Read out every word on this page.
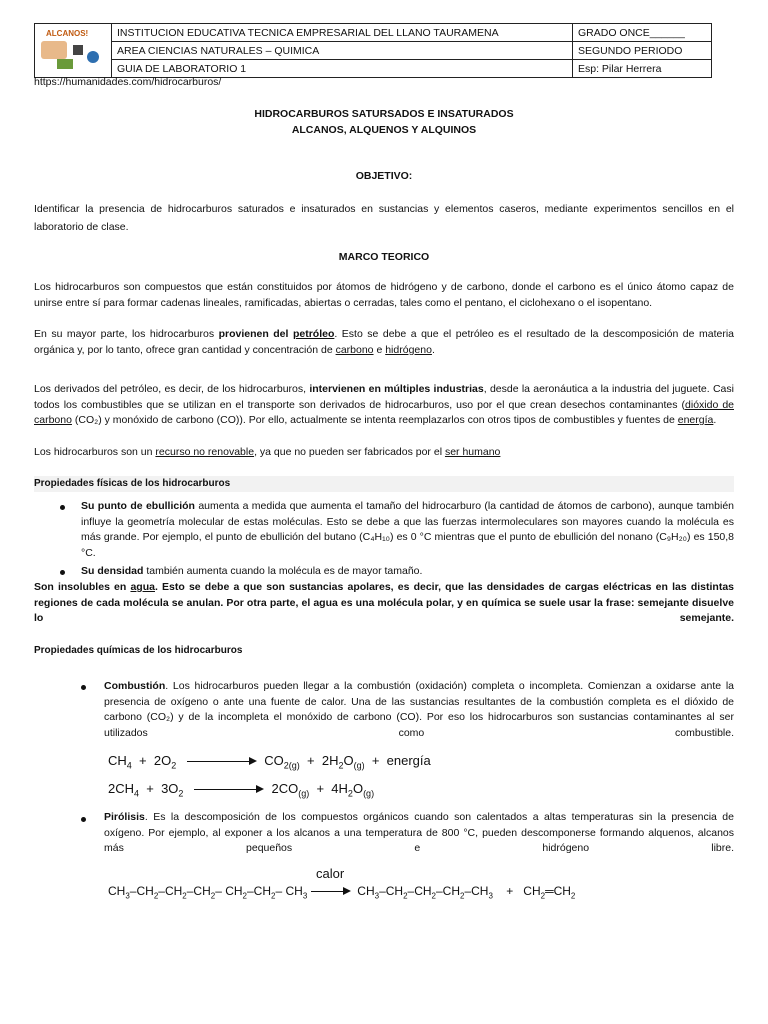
ALCANOS!	INSTITUCION EDUCATIVA TECNICA EMPRESARIAL DEL LLANO TAURAMENA	GRADO ONCE______
	AREA CIENCIAS NATURALES – QUIMICA	SEGUNDO PERIODO
	GUIA DE LABORATORIO 1	Esp: Pilar Herrera
https://humanidades.com/hidrocarburos/
HIDROCARBUROS SATURSADOS E INSATURADOS
ALCANOS, ALQUENOS Y ALQUINOS
OBJETIVO:
Identificar la presencia de hidrocarburos saturados e insaturados en sustancias y elementos caseros, mediante experimentos sencillos en el laboratorio de clase.
MARCO TEORICO
Los hidrocarburos son compuestos que están constituidos por átomos de hidrógeno y de carbono, donde el carbono es el único átomo capaz de unirse entre sí para formar cadenas lineales, ramificadas, abiertas o cerradas, tales como el pentano, el ciclohexano o el isopentano.
En su mayor parte, los hidrocarburos provienen del petróleo. Esto se debe a que el petróleo es el resultado de la descomposición de materia orgánica y, por lo tanto, ofrece gran cantidad y concentración de carbono e hidrógeno.
Los derivados del petróleo, es decir, de los hidrocarburos, intervienen en múltiples industrias, desde la aeronáutica a la industria del juguete. Casi todos los combustibles que se utilizan en el transporte son derivados de hidrocarburos, uso por el que crean desechos contaminantes (dióxido de carbono (CO₂) y monóxido de carbono (CO)). Por ello, actualmente se intenta reemplazarlos con otros tipos de combustibles y fuentes de energía.
Los hidrocarburos son un recurso no renovable, ya que no pueden ser fabricados por el ser humano
Propiedades físicas de los hidrocarburos
Su punto de ebullición aumenta a medida que aumenta el tamaño del hidrocarburo (la cantidad de átomos de carbono), aunque también influye la geometría molecular de estas moléculas. Esto se debe a que las fuerzas intermoleculares son mayores cuando la molécula es más grande. Por ejemplo, el punto de ebullición del butano (C₄H₁₀) es 0 °C mientras que el punto de ebullición del nonano (C₉H₂₀) es 150,8 °C.
Su densidad también aumenta cuando la molécula es de mayor tamaño.
Son insolubles en agua. Esto se debe a que son sustancias apolares, es decir, que las densidades de cargas eléctricas en las distintas regiones de cada molécula se anulan. Por otra parte, el agua es una molécula polar, y en química se suele usar la frase: semejante disuelve lo semejante.
Propiedades químicas de los hidrocarburos
Combustión. Los hidrocarburos pueden llegar a la combustión (oxidación) completa o incompleta. Comienzan a oxidarse ante la presencia de oxígeno o ante una fuente de calor. Una de las sustancias resultantes de la combustión completa es el dióxido de carbono (CO₂) y de la incompleta el monóxido de carbono (CO). Por eso los hidrocarburos son sustancias contaminantes al ser utilizados como combustible.
$CH_4 + 2O_2$	$CO_{2(g)} + 2H_2O_{(g)}$  +  energía
$2CH_4 + 3O_2$	$2CO_{(g)} + 4H_2O_{(g)}$
Pirólisis. Es la descomposición de los compuestos orgánicos cuando son calentados a altas temperaturas sin la presencia de oxígeno. Por ejemplo, al exponer a los alcanos a una temperatura de 800 °C, pueden descomponerse formando alquenos, alcanos más pequeños e hidrógeno libre.
calor
$CH_3-CH_2-CH_2-CH_2-$ $CH_2-CH_2-$ $CH_3$	$CH_3-CH_2-CH_2-CH_2-CH_3$    +   $CH_2═CH_2$
